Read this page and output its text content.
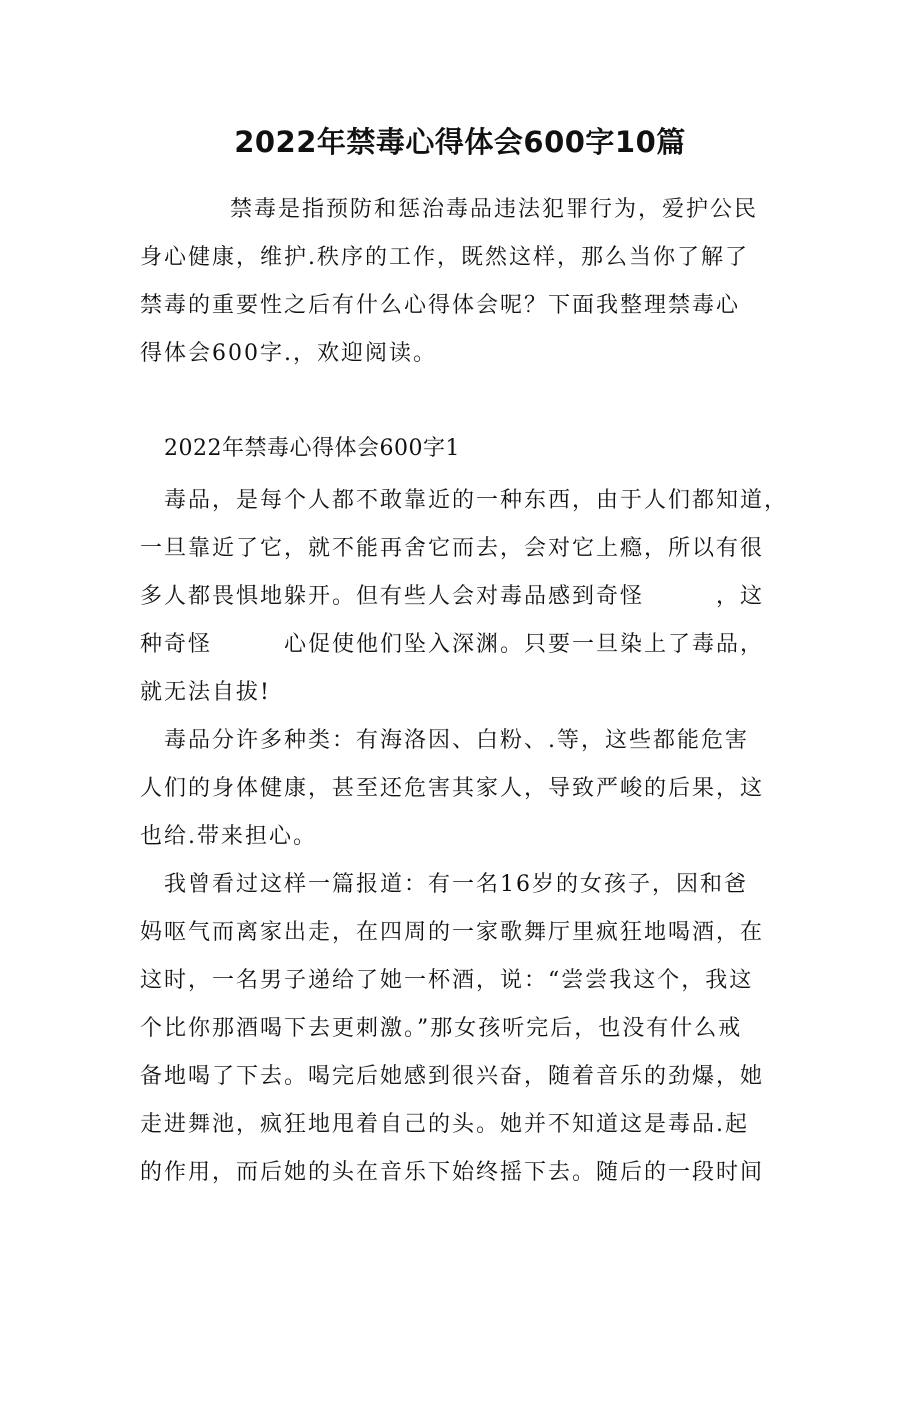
2022年禁毒心得体会600字10篇

禁毒是指预防和惩治毒品违法犯罪行为，爱护公民
身心健康，维护.秩序的工作，既然这样，那么当你了解了
禁毒的重要性之后有什么心得体会呢？下面我整理禁毒心
得体会600字.，欢迎阅读。

2022年禁毒心得体会600字1
毒品，是每个人都不敢靠近的一种东西，由于人们都知道，
一旦靠近了它，就不能再舍它而去，会对它上瘾，所以有很
多人都畏惧地躲开。但有些人会对毒品感到奇怪　　　，这
种奇怪　　　心促使他们坠入深渊。只要一旦染上了毒品，
就无法自拔!
毒品分许多种类：有海洛因、白粉、.等，这些都能危害
人们的身体健康，甚至还危害其家人，导致严峻的后果，这
也给.带来担心。
我曾看过这样一篇报道：有一名16岁的女孩子，因和爸
妈呕气而离家出走，在四周的一家歌舞厅里疯狂地喝酒，在
这时，一名男子递给了她一杯酒，说：“尝尝我这个，我这
个比你那酒喝下去更刺激。”那女孩听完后，也没有什么戒
备地喝了下去。喝完后她感到很兴奋，随着音乐的劲爆，她
走进舞池，疯狂地甩着自己的头。她并不知道这是毒品.起
的作用，而后她的头在音乐下始终摇下去。随后的一段时间
